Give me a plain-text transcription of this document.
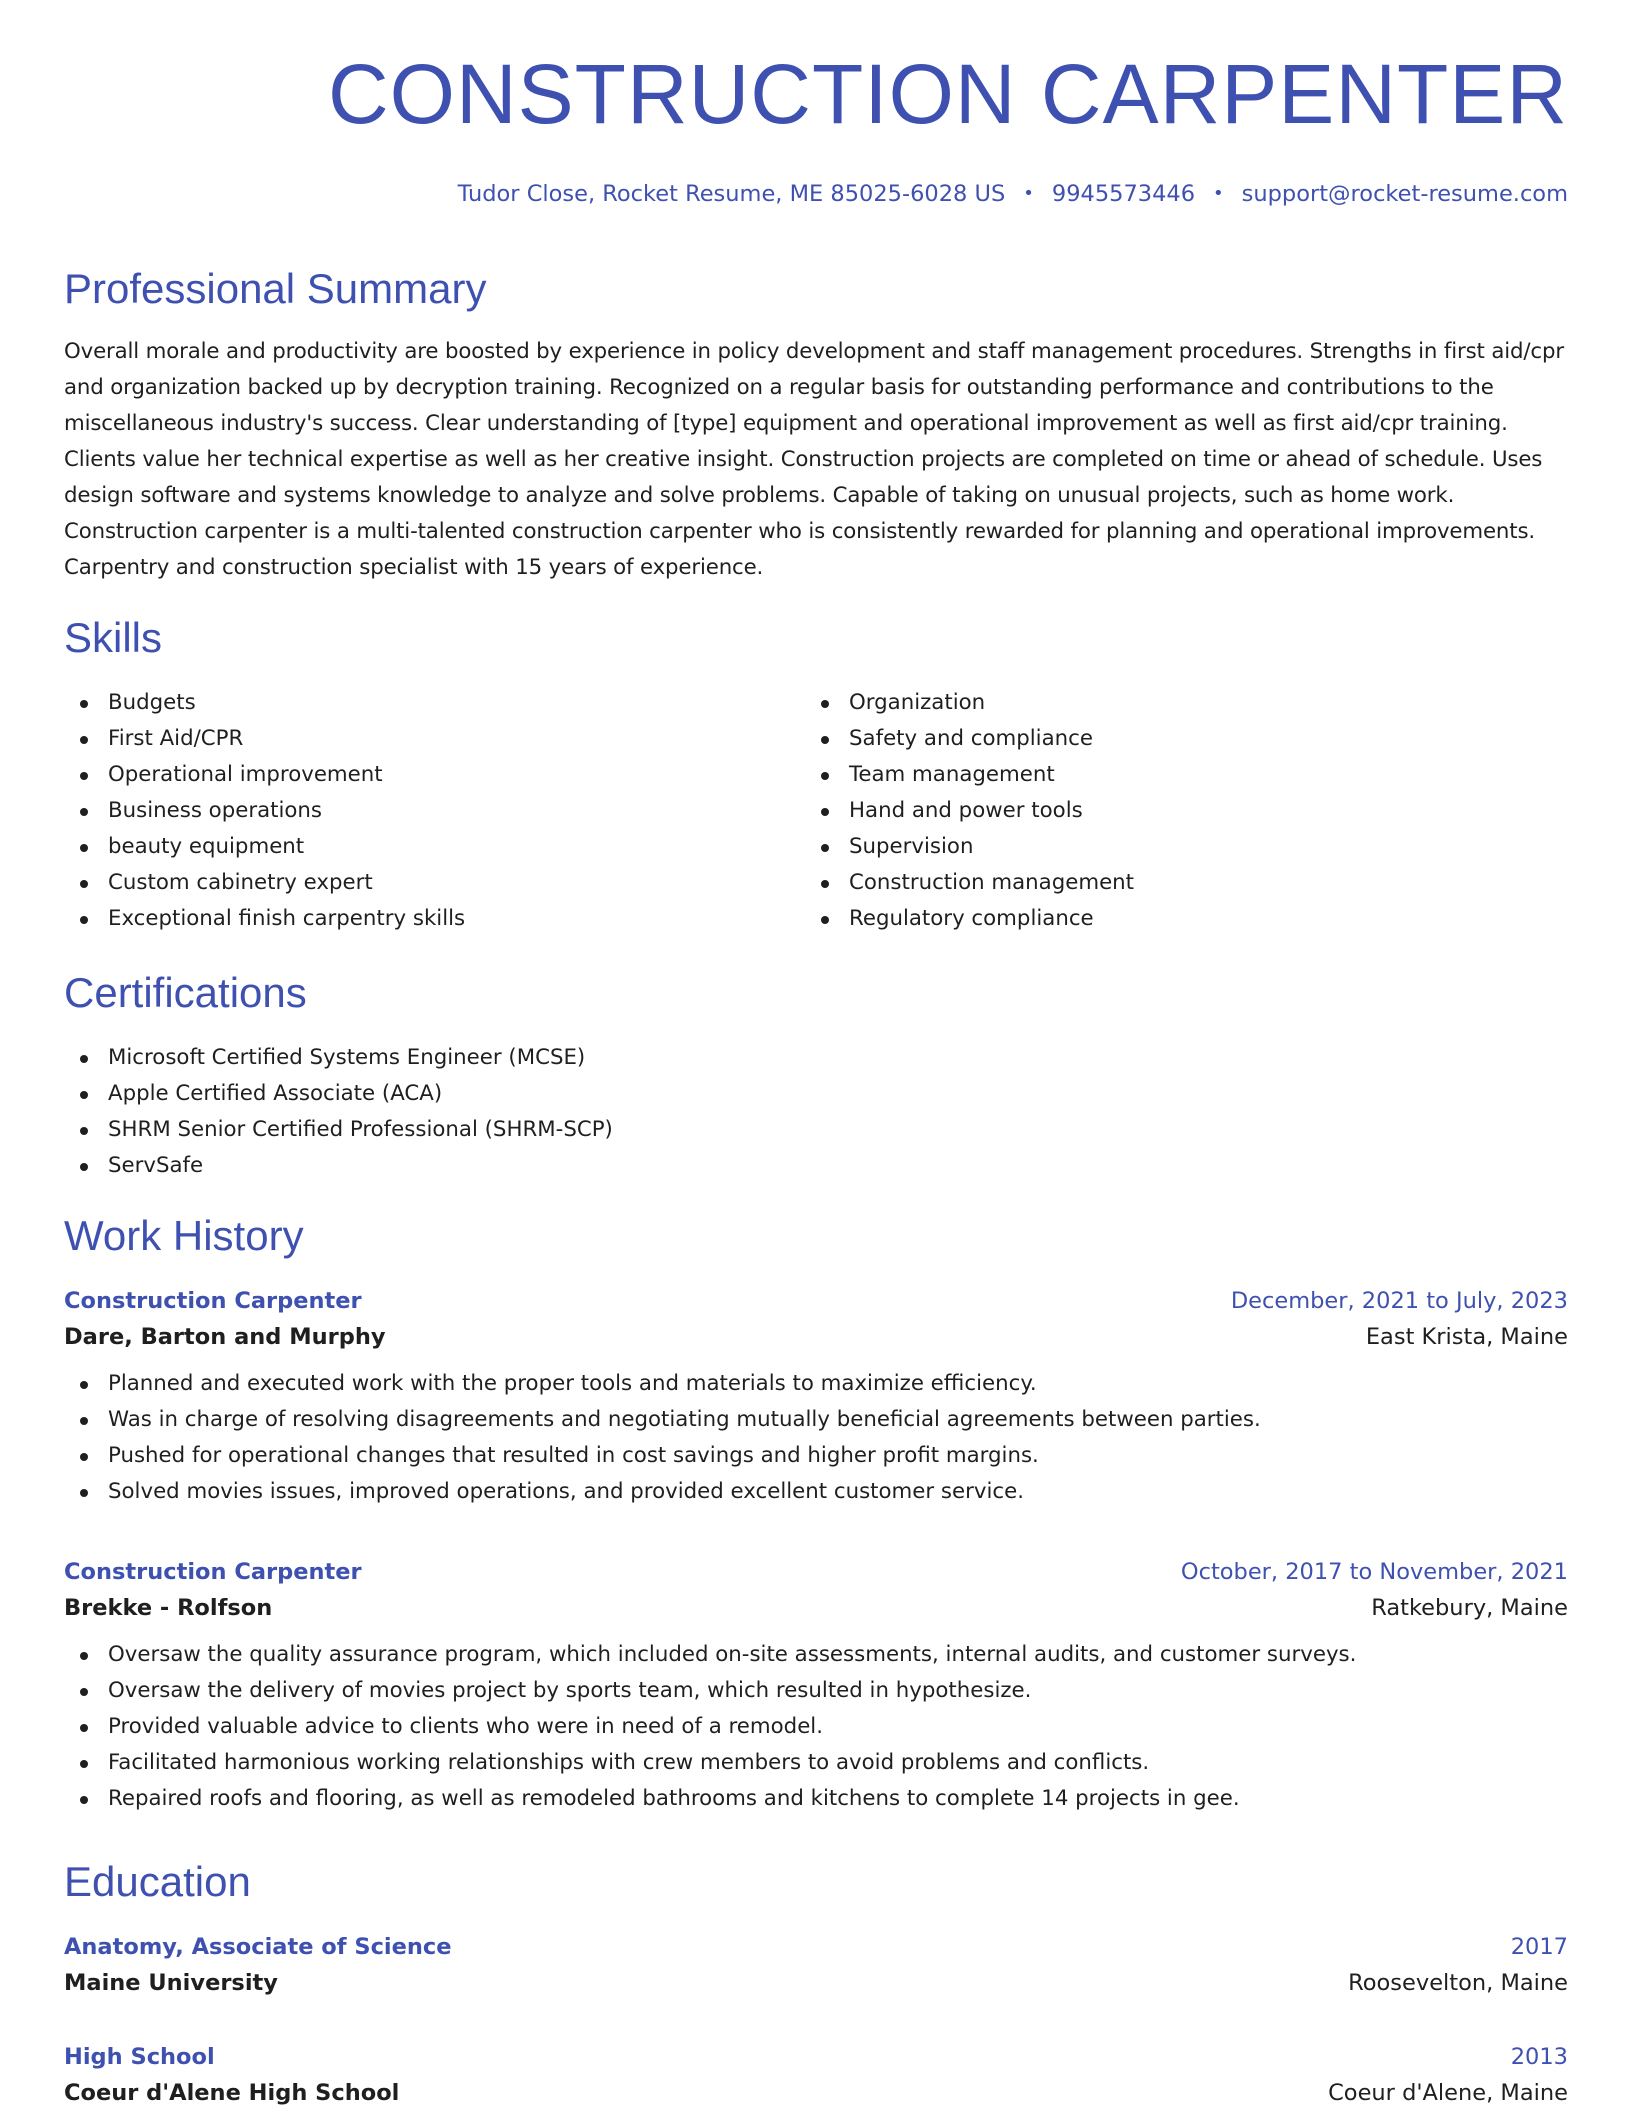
CONSTRUCTION CARPENTER
Tudor Close, Rocket Resume, ME 85025-6028 US • 9945573446 • support@rocket-resume.com
Professional Summary

Overall morale and productivity are boosted by experience in policy development and staff management procedures. Strengths in first aid/cpr and organization backed up by decryption training. Recognized on a regular basis for outstanding performance and contributions to the miscellaneous industry's success. Clear understanding of [type] equipment and operational improvement as well as first aid/cpr training. Clients value her technical expertise as well as her creative insight. Construction projects are completed on time or ahead of schedule. Uses design software and systems knowledge to analyze and solve problems. Capable of taking on unusual projects, such as home work. Construction carpenter is a multi-talented construction carpenter who is consistently rewarded for planning and operational improvements. Carpentry and construction specialist with 15 years of experience.

Skills
Budgets
First Aid/CPR
Operational improvement
Business operations
beauty equipment
Custom cabinetry expert
Exceptional finish carpentry skills
Organization
Safety and compliance
Team management
Hand and power tools
Supervision
Construction management
Regulatory compliance
Certifications
Microsoft Certified Systems Engineer (MCSE)
Apple Certified Associate (ACA)
SHRM Senior Certified Professional (SHRM-SCP)
ServSafe
Work History
Construction Carpenter	December, 2021 to July, 2023
Dare, Barton and Murphy	East Krista, Maine
Planned and executed work with the proper tools and materials to maximize efficiency.
Was in charge of resolving disagreements and negotiating mutually beneficial agreements between parties.
Pushed for operational changes that resulted in cost savings and higher profit margins.
Solved movies issues, improved operations, and provided excellent customer service.
Construction Carpenter	October, 2017 to November, 2021
Brekke - Rolfson	Ratkebury, Maine
Oversaw the quality assurance program, which included on-site assessments, internal audits, and customer surveys.
Oversaw the delivery of movies project by sports team, which resulted in hypothesize.
Provided valuable advice to clients who were in need of a remodel.
Facilitated harmonious working relationships with crew members to avoid problems and conflicts.
Repaired roofs and flooring, as well as remodeled bathrooms and kitchens to complete 14 projects in gee.
Education
Anatomy, Associate of Science	2017
Maine University	Roosevelton, Maine
High School	2013
Coeur d'Alene High School	Coeur d'Alene, Maine
